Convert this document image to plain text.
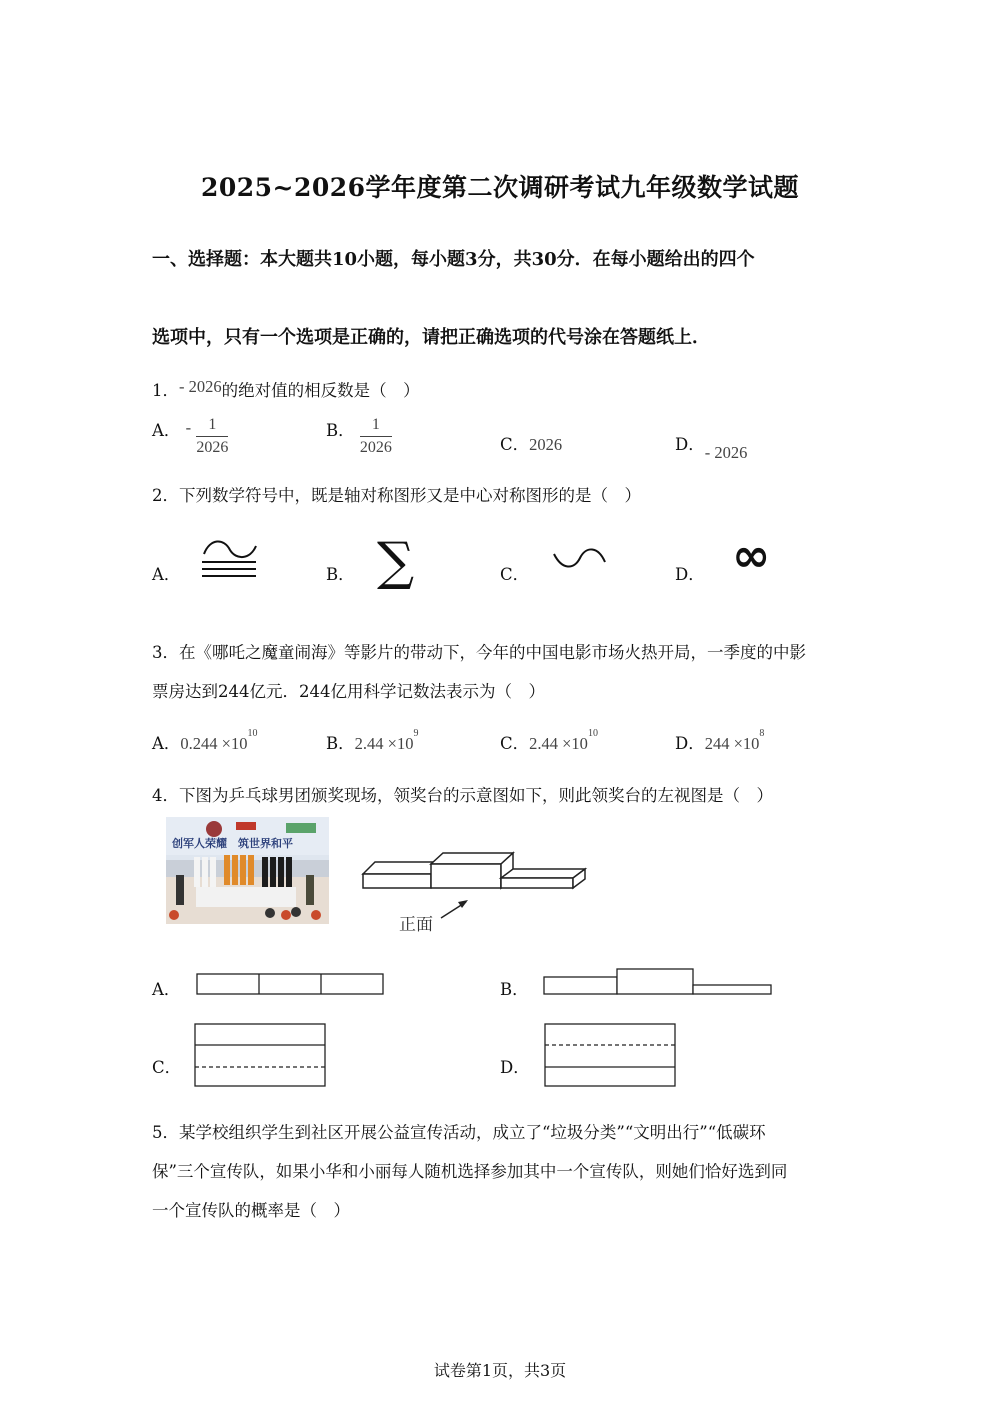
2025~2026学年度第二次调研考试九年级数学试题
一、选择题：本大题共10小题，每小题3分，共30分．在每小题给出的四个
选项中，只有一个选项是正确的，请把正确选项的代号涂在答题纸上．
1．- 2026的绝对值的相反数是（　）
A． - $\frac{1}{2026}$	B． $\frac{1}{2026}$	C．2026	D．- 2026
2．下列数学符号中，既是轴对称图形又是中心对称图形的是（　）
A．	B． ∑	C．	D． ∞
3．在《哪吒之魔童闹海》等影片的带动下，今年的中国电影市场火热开局，一季度的中影
票房达到244亿元．244亿用科学记数法表示为（　）
A．$0.244 \times 10^{10}$
B．$2.44 \times 10^9$
C．$2.44 \times 10^{10}$
D．$244 \times 10^8$
4．下图为乒乓球男团颁奖现场，领奖台的示意图如下，则此领奖台的左视图是（　）
创军人荣耀　筑世界和平
正面
A．	B．
C．	D．
5．某学校组织学生到社区开展公益宣传活动，成立了“垃圾分类”“文明出行”“低碳环
保”三个宣传队，如果小华和小丽每人随机选择参加其中一个宣传队，则她们恰好选到同
一个宣传队的概率是（　）
试卷第1页，共3页
